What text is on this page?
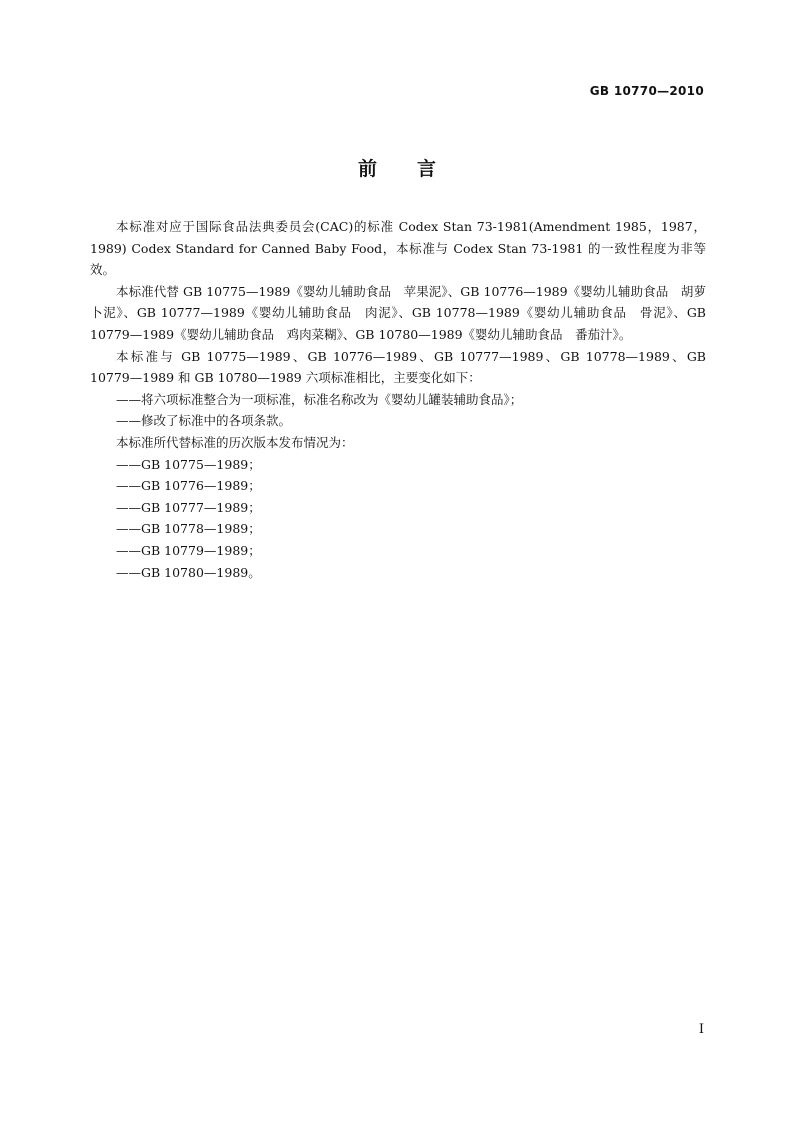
GB 10770—2010
前言

本标准对应于国际食品法典委员会(CAC)的标准 Codex Stan 73-1981(Amendment 1985，1987，1989) Codex Standard for Canned Baby Food，本标准与 Codex Stan 73-1981 的一致性程度为非等效。

本标准代替 GB 10775—1989《婴幼儿辅助食品　苹果泥》、GB 10776—1989《婴幼儿辅助食品　胡萝卜泥》、GB 10777—1989《婴幼儿辅助食品　肉泥》、GB 10778—1989《婴幼儿辅助食品　骨泥》、GB 10779—1989《婴幼儿辅助食品　鸡肉菜糊》、GB 10780—1989《婴幼儿辅助食品　番茄汁》。

本标准与 GB 10775—1989、GB 10776—1989、GB 10777—1989、GB 10778—1989、GB 10779—1989 和 GB 10780—1989 六项标准相比，主要变化如下：

——将六项标准整合为一项标准，标准名称改为《婴幼儿罐装辅助食品》；

——修改了标准中的各项条款。

本标准所代替标准的历次版本发布情况为：

——GB 10775—1989；

——GB 10776—1989；

——GB 10777—1989；

——GB 10778—1989；

——GB 10779—1989；

——GB 10780—1989。

I
